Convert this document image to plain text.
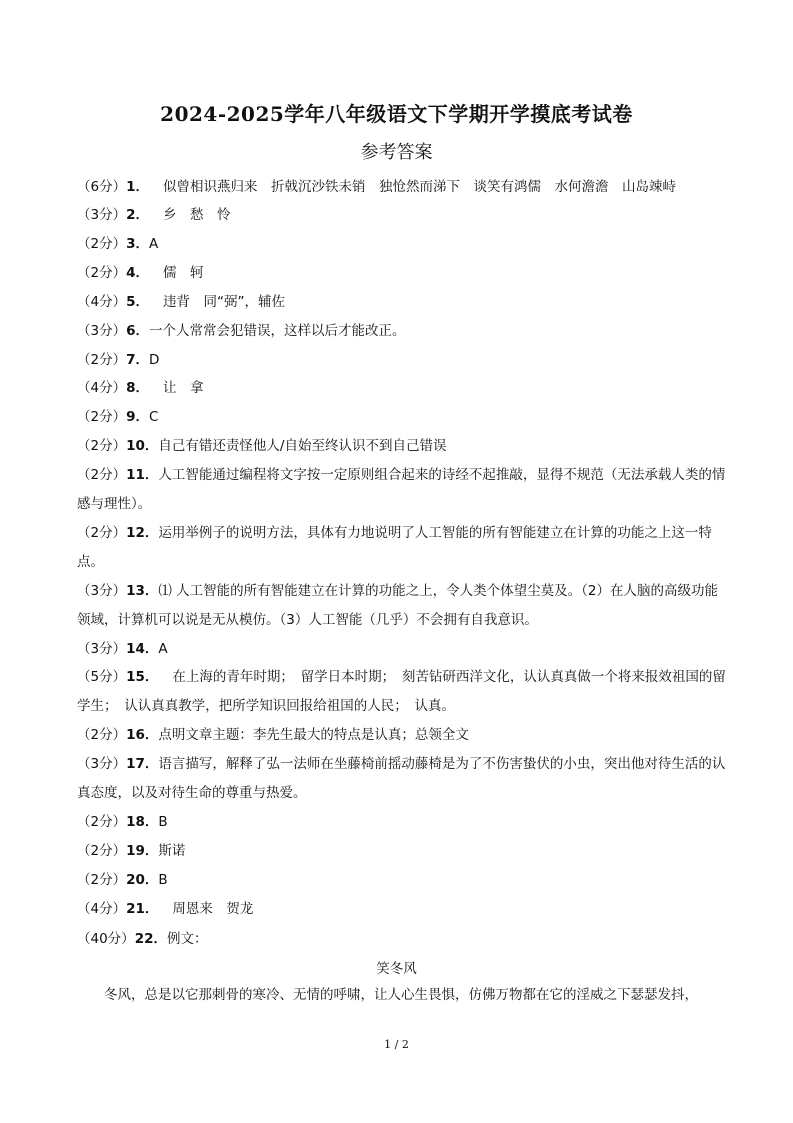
2024-2025学年八年级语文下学期开学摸底考试卷
参考答案
（6分）1． 似曾相识燕归来　折戟沉沙铁未销　独怆然而涕下　谈笑有鸿儒　水何澹澹　山岛竦峙
（3分）2． 乡　愁　怜
（2分）3．A
（2分）4． 儒　轲
（4分）5． 违背　同“弼”，辅佐
（3分）6．一个人常常会犯错误，这样以后才能改正。
（2分）7．D
（4分）8． 让　拿
（2分）9．C
（2分）10．自己有错还责怪他人/自始至终认识不到自己错误
（2分）11．人工智能通过编程将文字按一定原则组合起来的诗经不起推敲，显得不规范（无法承载人类的情感与理性）。
（2分）12．运用举例子的说明方法，具体有力地说明了人工智能的所有智能建立在计算的功能之上这一特点。
（3分）13．⑴ 人工智能的所有智能建立在计算的功能之上，令人类个体望尘莫及。（2）在人脑的高级功能领域，计算机可以说是无从模仿。（3）人工智能（几乎）不会拥有自我意识。
（3分）14．A
（5分）15． 在上海的青年时期；　留学日本时期；　刻苦钻研西洋文化，认认真真做一个将来报效祖国的留学生；　认认真真教学，把所学知识回报给祖国的人民；　认真。
（2分）16．点明文章主题：李先生最大的特点是认真；总领全文
（3分）17．语言描写，解释了弘一法师在坐藤椅前摇动藤椅是为了不伤害蛰伏的小虫，突出他对待生活的认真态度，以及对待生命的尊重与热爱。
（2分）18．B
（2分）19．斯诺
（2分）20．B
（4分）21． 周恩来　贺龙
（40分）22．例文：
笑冬风
冬风，总是以它那刺骨的寒冷、无情的呼啸，让人心生畏惧，仿佛万物都在它的淫威之下瑟瑟发抖，
1 / 2
